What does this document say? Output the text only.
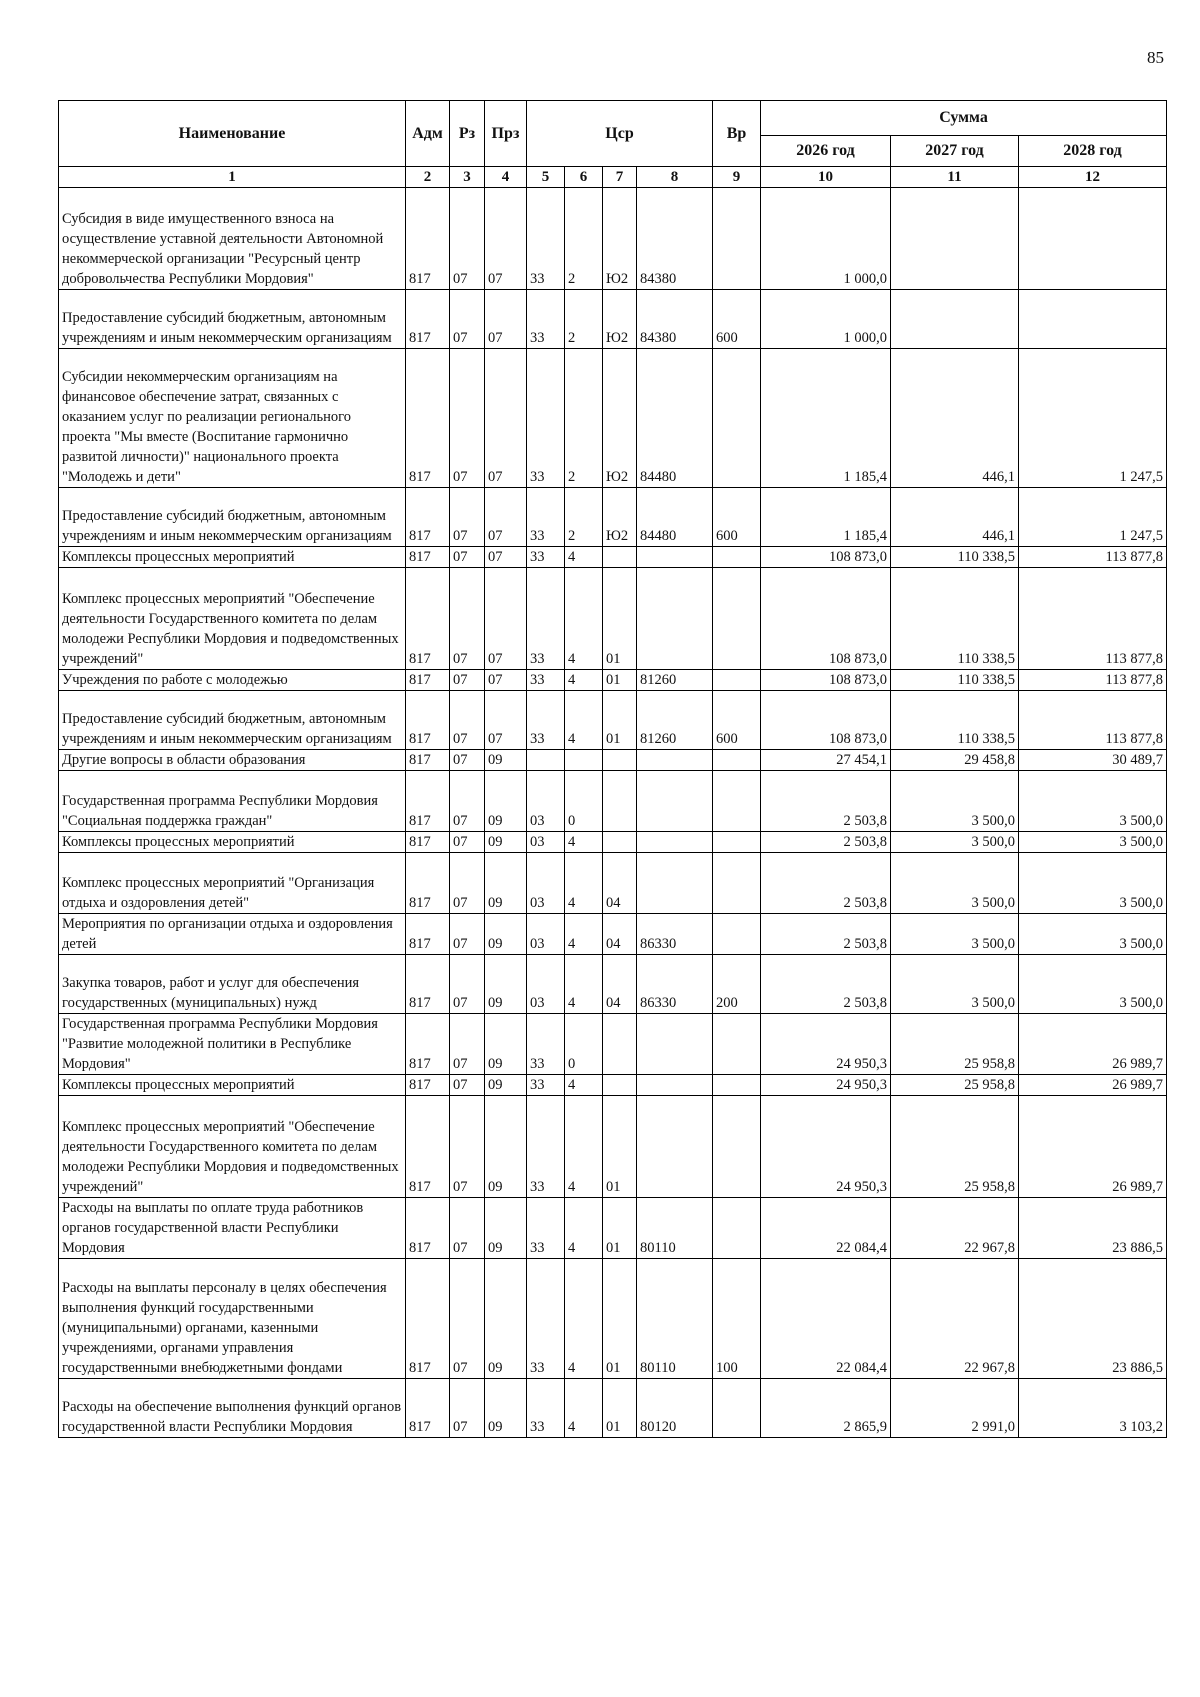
85
Наименование	Адм	Рз	Прз	Цср				Вр	Сумма		
									2026 год	2027 год	2028 год
1	2	3	4	5	6	7	8	9	10	11	12
Субсидия в виде имущественного взноса на осуществление уставной деятельности Автономной некоммерческой организации "Ресурсный центр добровольчества Республики Мордовия"	817	07	07	33	2	Ю2	84380		1 000,0		
Предоставление субсидий бюджетным, автономным учреждениям и иным некоммерческим организациям	817	07	07	33	2	Ю2	84380	600	1 000,0		
Субсидии некоммерческим организациям на финансовое обеспечение затрат, связанных с оказанием услуг по реализации регионального проекта "Мы вместе (Воспитание гармонично развитой личности)" национального проекта "Молодежь и дети"	817	07	07	33	2	Ю2	84480		1 185,4	446,1	1 247,5
Предоставление субсидий бюджетным, автономным учреждениям и иным некоммерческим организациям	817	07	07	33	2	Ю2	84480	600	1 185,4	446,1	1 247,5
Комплексы процессных мероприятий	817	07	07	33	4				108 873,0	110 338,5	113 877,8
Комплекс процессных мероприятий "Обеспечение деятельности Государственного комитета по делам молодежи Республики Мордовия и подведомственных учреждений"	817	07	07	33	4	01			108 873,0	110 338,5	113 877,8
Учреждения по работе с молодежью	817	07	07	33	4	01	81260		108 873,0	110 338,5	113 877,8
Предоставление субсидий бюджетным, автономным учреждениям и иным некоммерческим организациям	817	07	07	33	4	01	81260	600	108 873,0	110 338,5	113 877,8
Другие вопросы в области образования	817	07	09						27 454,1	29 458,8	30 489,7
Государственная программа Республики Мордовия "Социальная поддержка граждан"	817	07	09	03	0				2 503,8	3 500,0	3 500,0
Комплексы процессных мероприятий	817	07	09	03	4				2 503,8	3 500,0	3 500,0
Комплекс процессных мероприятий "Организация отдыха и оздоровления детей"	817	07	09	03	4	04			2 503,8	3 500,0	3 500,0
Мероприятия по организации отдыха и оздоровления детей	817	07	09	03	4	04	86330		2 503,8	3 500,0	3 500,0
Закупка товаров, работ и услуг для обеспечения государственных (муниципальных) нужд	817	07	09	03	4	04	86330	200	2 503,8	3 500,0	3 500,0
Государственная программа Республики Мордовия "Развитие молодежной политики в Республике Мордовия"	817	07	09	33	0				24 950,3	25 958,8	26 989,7
Комплексы процессных мероприятий	817	07	09	33	4				24 950,3	25 958,8	26 989,7
Комплекс процессных мероприятий "Обеспечение деятельности Государственного комитета по делам молодежи Республики Мордовия и подведомственных учреждений"	817	07	09	33	4	01			24 950,3	25 958,8	26 989,7
Расходы на выплаты по оплате труда работников органов государственной власти Республики Мордовия	817	07	09	33	4	01	80110		22 084,4	22 967,8	23 886,5
Расходы на выплаты персоналу в целях обеспечения выполнения функций государственными (муниципальными) органами, казенными учреждениями, органами управления государственными внебюджетными фондами	817	07	09	33	4	01	80110	100	22 084,4	22 967,8	23 886,5
Расходы на обеспечение выполнения функций органов государственной власти Республики Мордовия	817	07	09	33	4	01	80120		2 865,9	2 991,0	3 103,2
